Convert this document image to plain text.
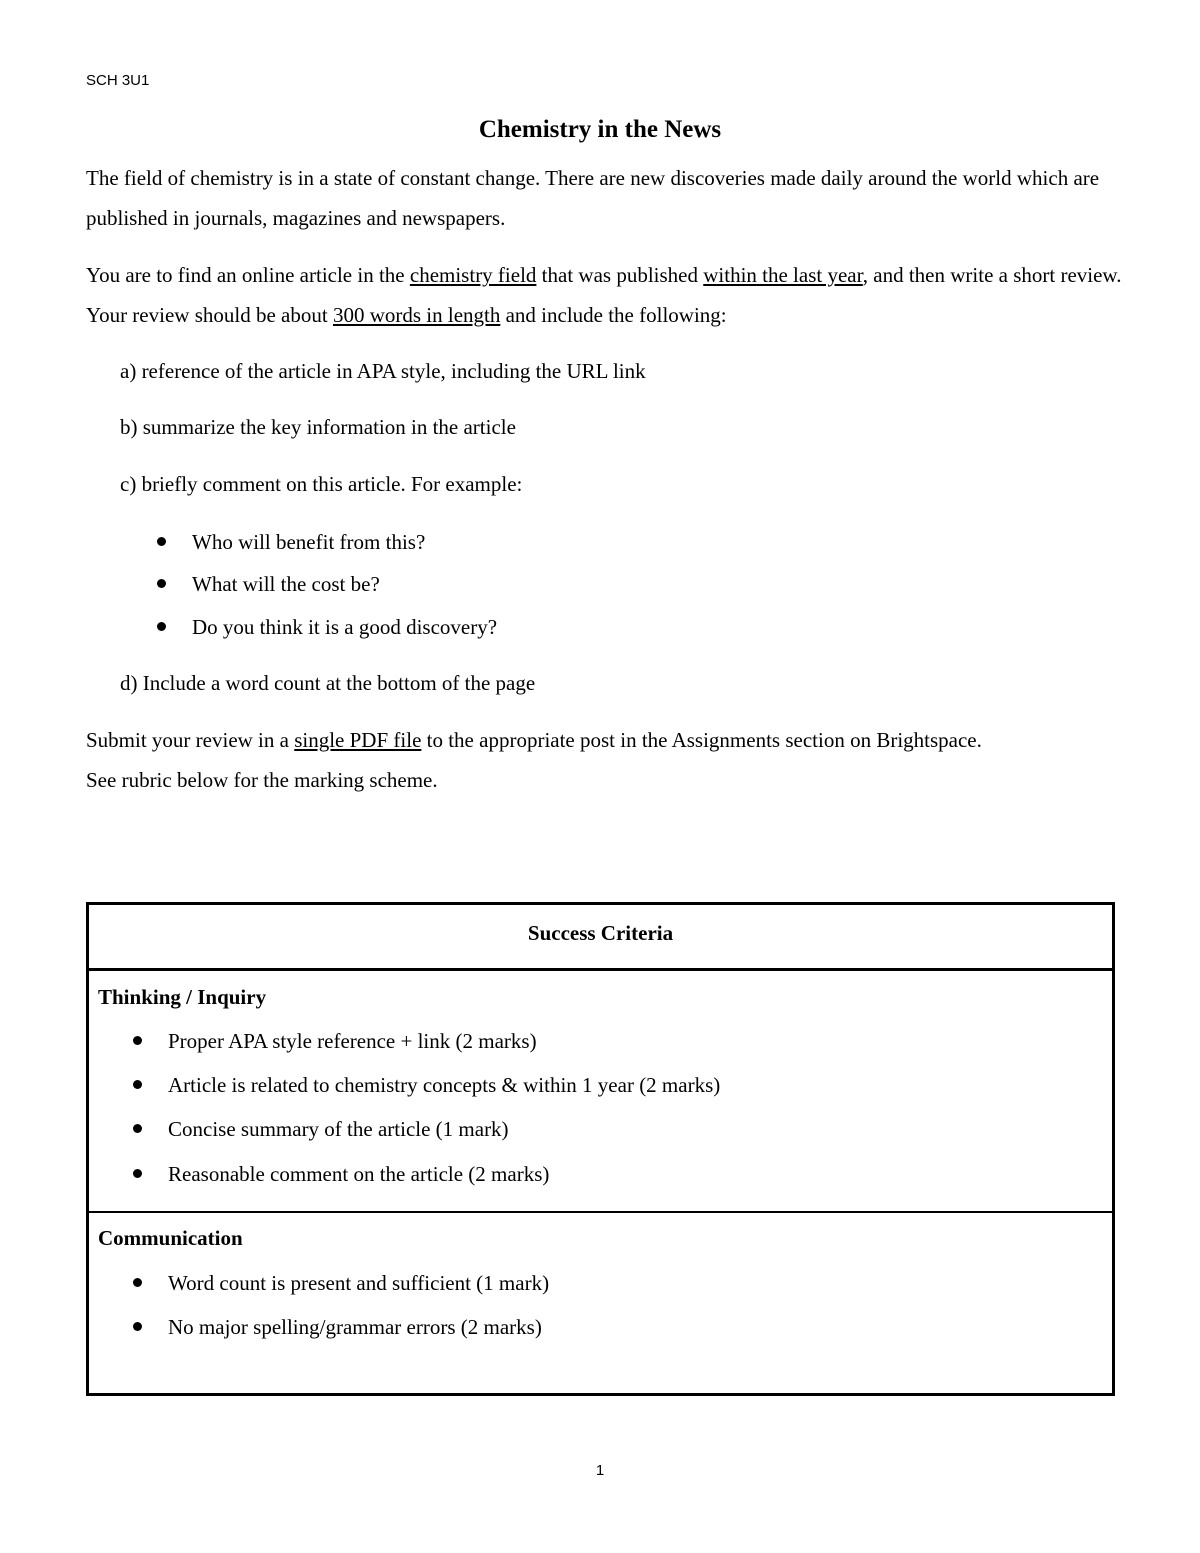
SCH 3U1
Chemistry in the News
The field of chemistry is in a state of constant change. There are new discoveries made daily around the world which are published in journals, magazines and newspapers.
You are to find an online article in the chemistry field that was published within the last year, and then write a short review. Your review should be about 300 words in length and include the following:
a) reference of the article in APA style, including the URL link
b) summarize the key information in the article
c) briefly comment on this article. For example:
Who will benefit from this?
What will the cost be?
Do you think it is a good discovery?
d) Include a word count at the bottom of the page
Submit your review in a single PDF file to the appropriate post in the Assignments section on Brightspace.
See rubric below for the marking scheme.
Success Criteria
Thinking / Inquiry
Proper APA style reference + link (2 marks)
Article is related to chemistry concepts & within 1 year (2 marks)
Concise summary of the article (1 mark)
Reasonable comment on the article (2 marks)
Communication
Word count is present and sufficient (1 mark)
No major spelling/grammar errors (2 marks)
1
